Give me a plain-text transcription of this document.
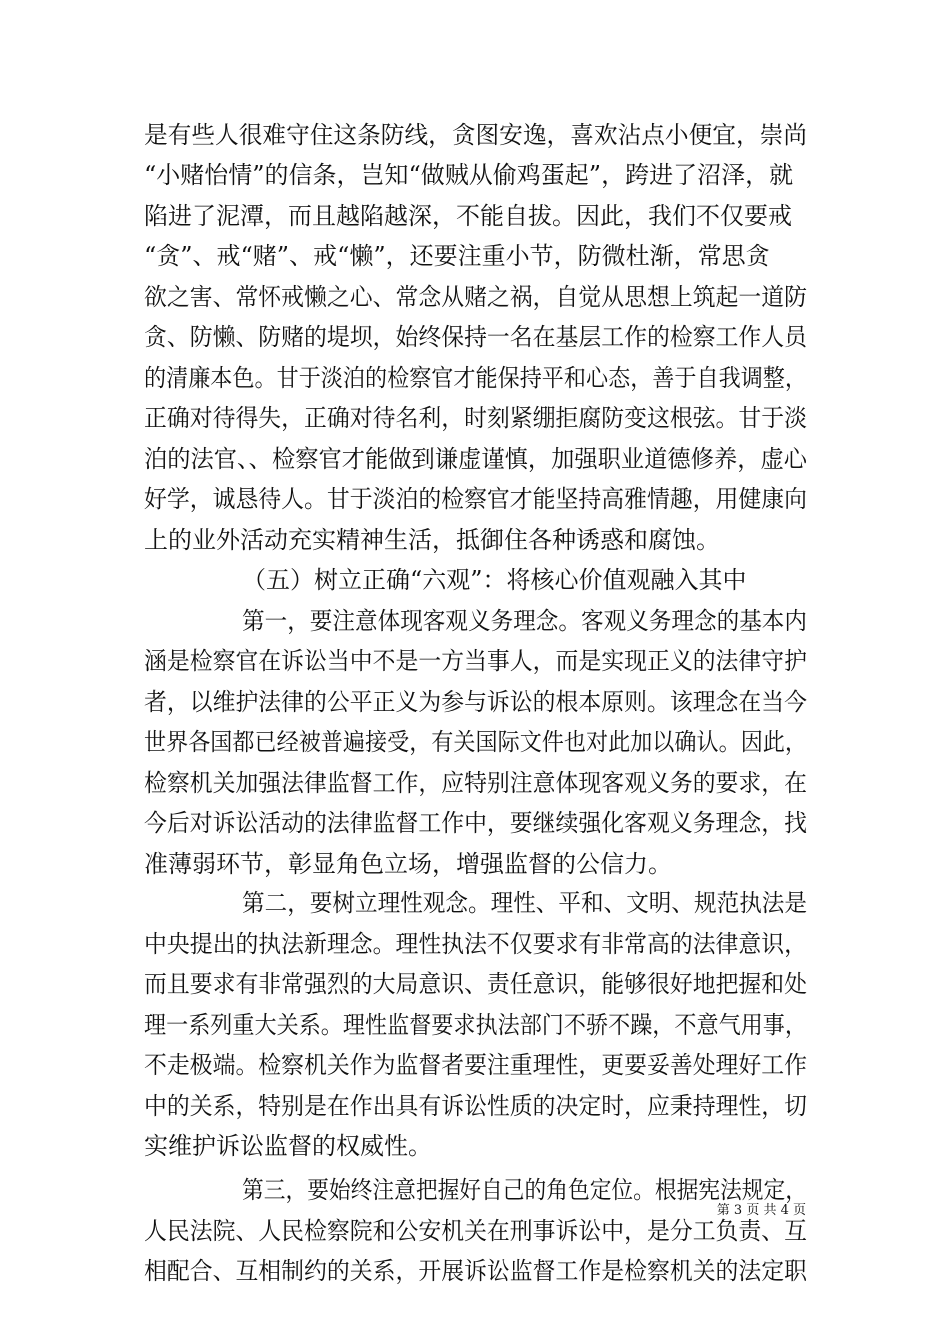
是有些人很难守住这条防线，贪图安逸，喜欢沾点小便宜，崇尚
“小赌怡情”的信条，岂知“做贼从偷鸡蛋起”，跨进了沼泽，就
陷进了泥潭，而且越陷越深，不能自拔。因此，我们不仅要戒
“贪”、戒“赌”、戒“懒”，还要注重小节，防微杜渐，常思贪
欲之害、常怀戒懒之心、常念从赌之祸，自觉从思想上筑起一道防
贪、防懒、防赌的堤坝，始终保持一名在基层工作的检察工作人员
的清廉本色。甘于淡泊的检察官才能保持平和心态，善于自我调整，
正确对待得失，正确对待名利，时刻紧绷拒腐防变这根弦。甘于淡
泊的法官、、检察官才能做到谦虚谨慎，加强职业道德修养，虚心
好学，诚恳待人。甘于淡泊的检察官才能坚持高雅情趣，用健康向
上的业外活动充实精神生活，抵御住各种诱惑和腐蚀。
（五）树立正确“六观”：将核心价值观融入其中
第一，要注意体现客观义务理念。客观义务理念的基本内
涵是检察官在诉讼当中不是一方当事人，而是实现正义的法律守护
者，以维护法律的公平正义为参与诉讼的根本原则。该理念在当今
世界各国都已经被普遍接受，有关国际文件也对此加以确认。因此，
检察机关加强法律监督工作，应特别注意体现客观义务的要求，在
今后对诉讼活动的法律监督工作中，要继续强化客观义务理念，找
准薄弱环节，彰显角色立场，增强监督的公信力。
第二，要树立理性观念。理性、平和、文明、规范执法是
中央提出的执法新理念。理性执法不仅要求有非常高的法律意识，
而且要求有非常强烈的大局意识、责任意识，能够很好地把握和处
理一系列重大关系。理性监督要求执法部门不骄不躁，不意气用事，
不走极端。检察机关作为监督者要注重理性，更要妥善处理好工作
中的关系，特别是在作出具有诉讼性质的决定时，应秉持理性，切
实维护诉讼监督的权威性。
第三，要始终注意把握好自己的角色定位。根据宪法规定，
人民法院、人民检察院和公安机关在刑事诉讼中，是分工负责、互
相配合、互相制约的关系，开展诉讼监督工作是检察机关的法定职
第 3 页 共 4 页
